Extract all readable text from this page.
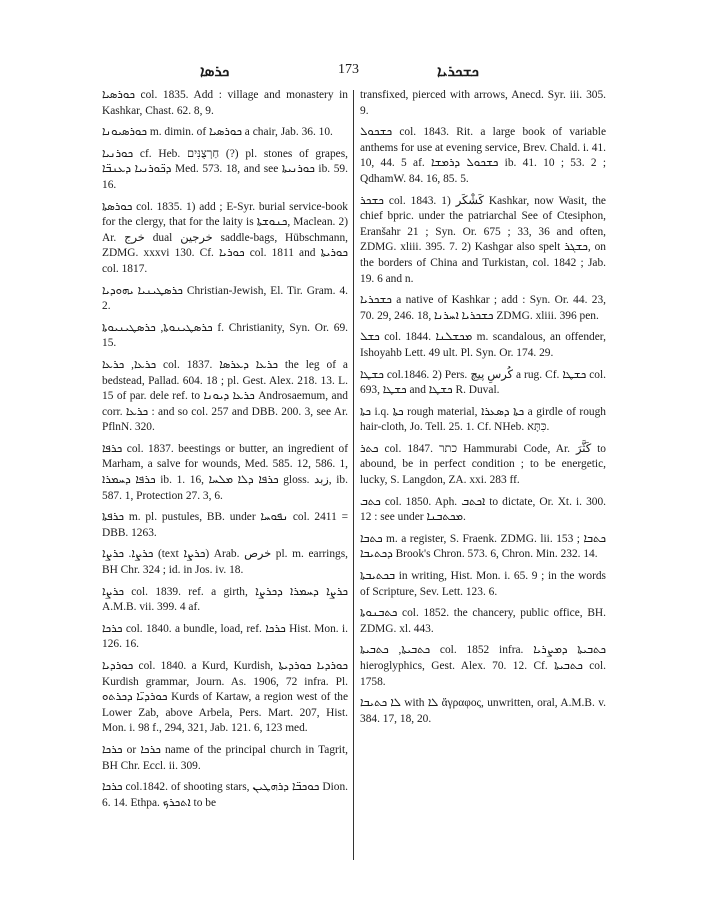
ܟܪܣܐ	173	ܟܫܟܪܝܐ

ܟܘܪܣܝܐ col. 1835. Add : village and monastery in Kashkar, Chast. 62. 8, 9.

ܟܘܪܣܝܘܢܐ m. dimin. of ܟܘܪܣܝܐ a chair, Jab. 36. 10.

ܟܘܪܢܝܐ cf. Heb. חַרְצֻנִּים (?) pl. stones of grapes, ܕܟ̈ܘܪܢܝܐ ܕܥܢܒ̈ܐ Med. 573. 18, and see ܟܘܪܢܝܬܐ ib. 59. 16.

ܟܘܪܣܬܐ col. 1835. 1) add ; E-Syr. burial service-book for the clergy, that for the laity is ܟܢܘܫܬܐ, Maclean. 2) Ar. خرج dual خرجين saddle-bags, Hübschmann, ZDMG. xxxvi 130. Cf. ܟܘܪܝܐ col. 1811 and ܟܘܪܝܬܐ col. 1817.

ܟܪܣܛܝܢܝܐ ܝܗܘܕܝܐ Christian-Jewish, El. Tir. Gram. 4. 2.

ܟܪܣܛܝܢܘܬܐ, ܟܪܣܛܝܢܝܘܬܐ f. Christianity, Syn. Or. 69. 15.

ܟܪܥܐ, ܟܪܥܐ col. 1837. ܟܪܥܐ ܕܥܪܣܐ the leg of a bedstead, Pallad. 604. 18 ; pl. Gest. Alex. 218. 13. L. 15 of par. dele ref. to ܟܪܥܐ ܕܝܘܢܐ Androsaemum, and corr. ܟܪܥܐ : and so col. 257 and DBB. 200. 3, see Ar. PflnN. 320.

ܟܪܦܐ col. 1837. beestings or butter, an ingredient of Marham, a salve for wounds, Med. 585. 12, 586. 1, ܟܪܦܐ ܕܚܡܪܐ ib. 1. 16, ܟܪܦܐ ܕܠܐ ܡܠܚܐ gloss. زبد, ib. 587. 1, Protection 27. 3, 6.

ܟܪܦܬܐ m. pl. pustules, BB. under ܢܦܘܚܐ col. 2411 = DBB. 1263.

ܟܪܨܐ. ܟܪܨܐ (text ܟܪܨܐ) Arab. خرص pl. m. earrings, BH Chr. 324 ; id. in Jos. iv. 18.

ܟܪܨܐ col. 1839. ref. a girth, ܟܪܨܐ ܕܚܡܪܐ ܕܟܪܨܐ A.M.B. vii. 399. 4 af.

ܟܪܟܐ col. 1840. a bundle, load, ref. ܟܪܟܐ Hist. Mon. i. 126. 16.

ܟܘܪܕܝܐ col. 1840. a Kurd, Kurdish, ܟܘܪܕܝܐ ܟܘܪܕܝܬܐ Kurdish grammar, Journ. As. 1906, 72 infra. Pl. ܟܘܪܕܝ̈ܐ ܕܟܪܬܘ Kurds of Kartaw, a region west of the Lower Zab, above Arbela, Pers. Mart. 207, Hist. Mon. i. 98 f., 294, 321, Jab. 121. 6, 123 med.

ܟܪܟܐ or ܟܪܟܐ name of the principal church in Tagrit, BH Chr. Eccl. ii. 309.

ܟܪܟܐ col.1842. of shooting stars, ܟܘܟܒ̈ܐ ܕܪܗܛܝܢ Dion. 6. 14. Ethpa. ܐܬܟܪܟ to be

transfixed, pierced with arrows, Anecd. Syr. iii. 305. 9.

ܟܫܟܘܠ col. 1843. Rit. a large book of variable anthems for use at evening service, Brev. Chald. i. 41. 10, 44. 5 af. ܟܫܟܘܠ ܕܪܡܫܐ ib. 41. 10 ; 53. 2 ; QdhamW. 84. 16, 85. 5.

ܟܫܟܪ col. 1843. 1) كَشْكَر Kashkar, now Wasit, the chief bpric. under the patriarchal See of Ctesiphon, Eranšahr 21 ; Syn. Or. 675 ; 33, 36 and often, ZDMG. xliii. 395. 7. 2) Kashgar also spelt ܟܫܓܪ, on the borders of China and Turkistan, col. 1842 ; Jab. 19. 6 and n.

ܟܫܟܪܝܐ a native of Kashkar ; add : Syn. Or. 44. 23, 70. 29, 246. 18, ܟܫܟܪܝܐ ܐܚܪܢܐ ZDMG. xliii. 396 pen.

ܟܫܠ col. 1844. ܡܟܫܠܢܐ m. scandalous, an offender, Ishoyahb Lett. 49 ult. Pl. Syn. Or. 174. 29.

ܟܫܛܐ col.1846. 2) Pers. کُرسِ پیچ a rug. Cf. ܟܫܛܐ col. 693, ܟܫܛܐ and ܟܫܛܐ R. Duval.

ܟܬܐ i.q. ܟܬܐ rough material, ܟܬܐ ܕܣܥܪܐ a girdle of rough hair-cloth, Jo. Tell. 25. 1. Cf. NHeb. כִּתָּא.

ܟܬܪ col. 1847. כתר Hammurabi Code, Ar. كَثَّرَ to abound, be in perfect condition ; to be energetic, lucky, S. Langdon, ZA. xxi. 283 ff.

ܟܬܒ col. 1850. Aph. ܐܟܬܒ to dictate, Or. Xt. i. 300. 12 : see under ܡܟܬܒܢܐ.

ܟܬܒܐ m. a register, S. Fraenk. ZDMG. lii. 153 ; ܟܬܒܐ ܕܟܬܝܒܐ Brook's Chron. 573. 6, Chron. Min. 232. 14.

ܒܟܬܝܒܬܐ in writing, Hist. Mon. i. 65. 9 ; in the words of Scripture, Sev. Lett. 123. 6.

ܟܬܒܢܘܬܐ col. 1852. the chancery, public office, BH. ZDMG. xl. 443.

ܟܬܒܝܬܐ, ܟܬܒܝܬܐ col. 1852 infra. ܟܬܒܝܬܐ ܕܡܨܪܝܐ hieroglyphics, Gest. Alex. 70. 12. Cf. ܟܬܒܝܬܐ col. 1758.

ܠܐ ܟܬܝܒܐ with ܠܐ ἄγραφος, unwritten, oral, A.M.B. v. 384. 17, 18, 20.
